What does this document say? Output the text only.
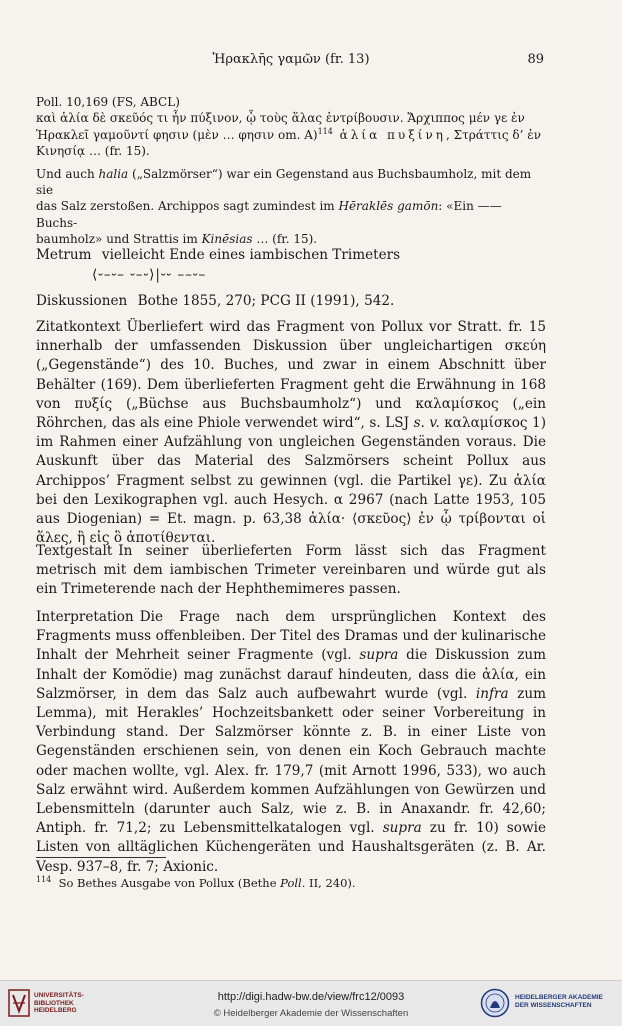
Ἡρακλῆς γαμῶν (fr. 13)	89
Poll. 10,169 (FS, ABCL)
καὶ ἁλία δὲ σκεῦός τι ἦν πύξινον, ᾧ τοὺς ἅλας ἐντρίβουσιν. Ἄρχιππος μέν γε ἐν
Ἡρακλεῖ γαμοῦντί φησιν (μὲν … φησιν om. A)$^{114}$ ἁλία πυξίνη, Στράττις δ’ ἐν
Κινησίᾳ … (fr. 15).
Und auch halia („Salzmörser“) war ein Gegenstand aus Buchsbaumholz, mit dem sie
das Salz zerstoßen. Archippos sagt zumindest im Hēraklēs gamōn: «Ein —— Buchs-
baumholz» und Strattis im Kinēsias … (fr. 15).
Metrum vielleicht Ende eines iambischen Trimeters
⟨⏑–⏑– ⏑–⏑⟩|⏑⏑ ––⏑–
Diskussionen Bothe 1855, 270; PCG II (1991), 542.
Zitatkontext Überliefert wird das Fragment von Pollux vor Stratt. fr. 15 innerhalb der umfassenden Diskussion über ungleichartigen σκεύη („Gegenstände“) des 10. Buches, und zwar in einem Abschnitt über Behälter (169). Dem überlieferten Fragment geht die Erwähnung in 168 von πυξίς („Büchse aus Buchsbaumholz“) und καλαμίσκος („ein Röhrchen, das als eine Phiole verwendet wird“, s. LSJ s. v. καλαμίσκος 1) im Rahmen einer Aufzählung von ungleichen Gegenständen voraus. Die Auskunft über das Material des Salzmörsers scheint Pollux aus Archippos’ Fragment selbst zu gewinnen (vgl. die Partikel γε). Zu ἁλία bei den Lexikographen vgl. auch Hesych. α 2967 (nach Latte 1953, 105 aus Diogenian) = Et. magn. p. 63,38 ἁλία· ⟨σκεῦος⟩ ἐν ᾧ τρίβονται οἱ ἅλες, ἢ εἰς ὃ ἀποτίθενται.
Textgestalt In seiner überlieferten Form lässt sich das Fragment metrisch mit dem iambischen Trimeter vereinbaren und würde gut als ein Trimeterende nach der Hephthemimeres passen.
Interpretation Die Frage nach dem ursprünglichen Kontext des Fragments muss offenbleiben. Der Titel des Dramas und der kulinarische Inhalt der Mehrheit seiner Fragmente (vgl. supra die Diskussion zum Inhalt der Komödie) mag zunächst darauf hindeuten, dass die ἁλία, ein Salzmörser, in dem das Salz auch aufbewahrt wurde (vgl. infra zum Lemma), mit Herakles’ Hochzeitsbankett oder seiner Vorbereitung in Verbindung stand. Der Salzmörser könnte z. B. in einer Liste von Gegenständen erschienen sein, von denen ein Koch Gebrauch machte oder machen wollte, vgl. Alex. fr. 179,7 (mit Arnott 1996, 533), wo auch Salz erwähnt wird. Außerdem kommen Aufzählungen von Gewürzen und Lebensmitteln (darunter auch Salz, wie z. B. in Anaxandr. fr. 42,60; Antiph. fr. 71,2; zu Lebensmittelkatalogen vgl. supra zu fr. 10) sowie Listen von alltäglichen Küchengeräten und Haushaltsgeräten (z. B. Ar. Vesp. 937–8, fr. 7; Axionic.
$^{114}$ So Bethes Ausgabe von Pollux (Bethe Poll. II, 240).
UNIVERSITÄTS-
BIBLIOTHEK
HEIDELBERG
http://digi.hadw-bw.de/view/frc12/0093
© Heidelberger Akademie der Wissenschaften
HEIDELBERGER AKADEMIE
DER WISSENSCHAFTEN
